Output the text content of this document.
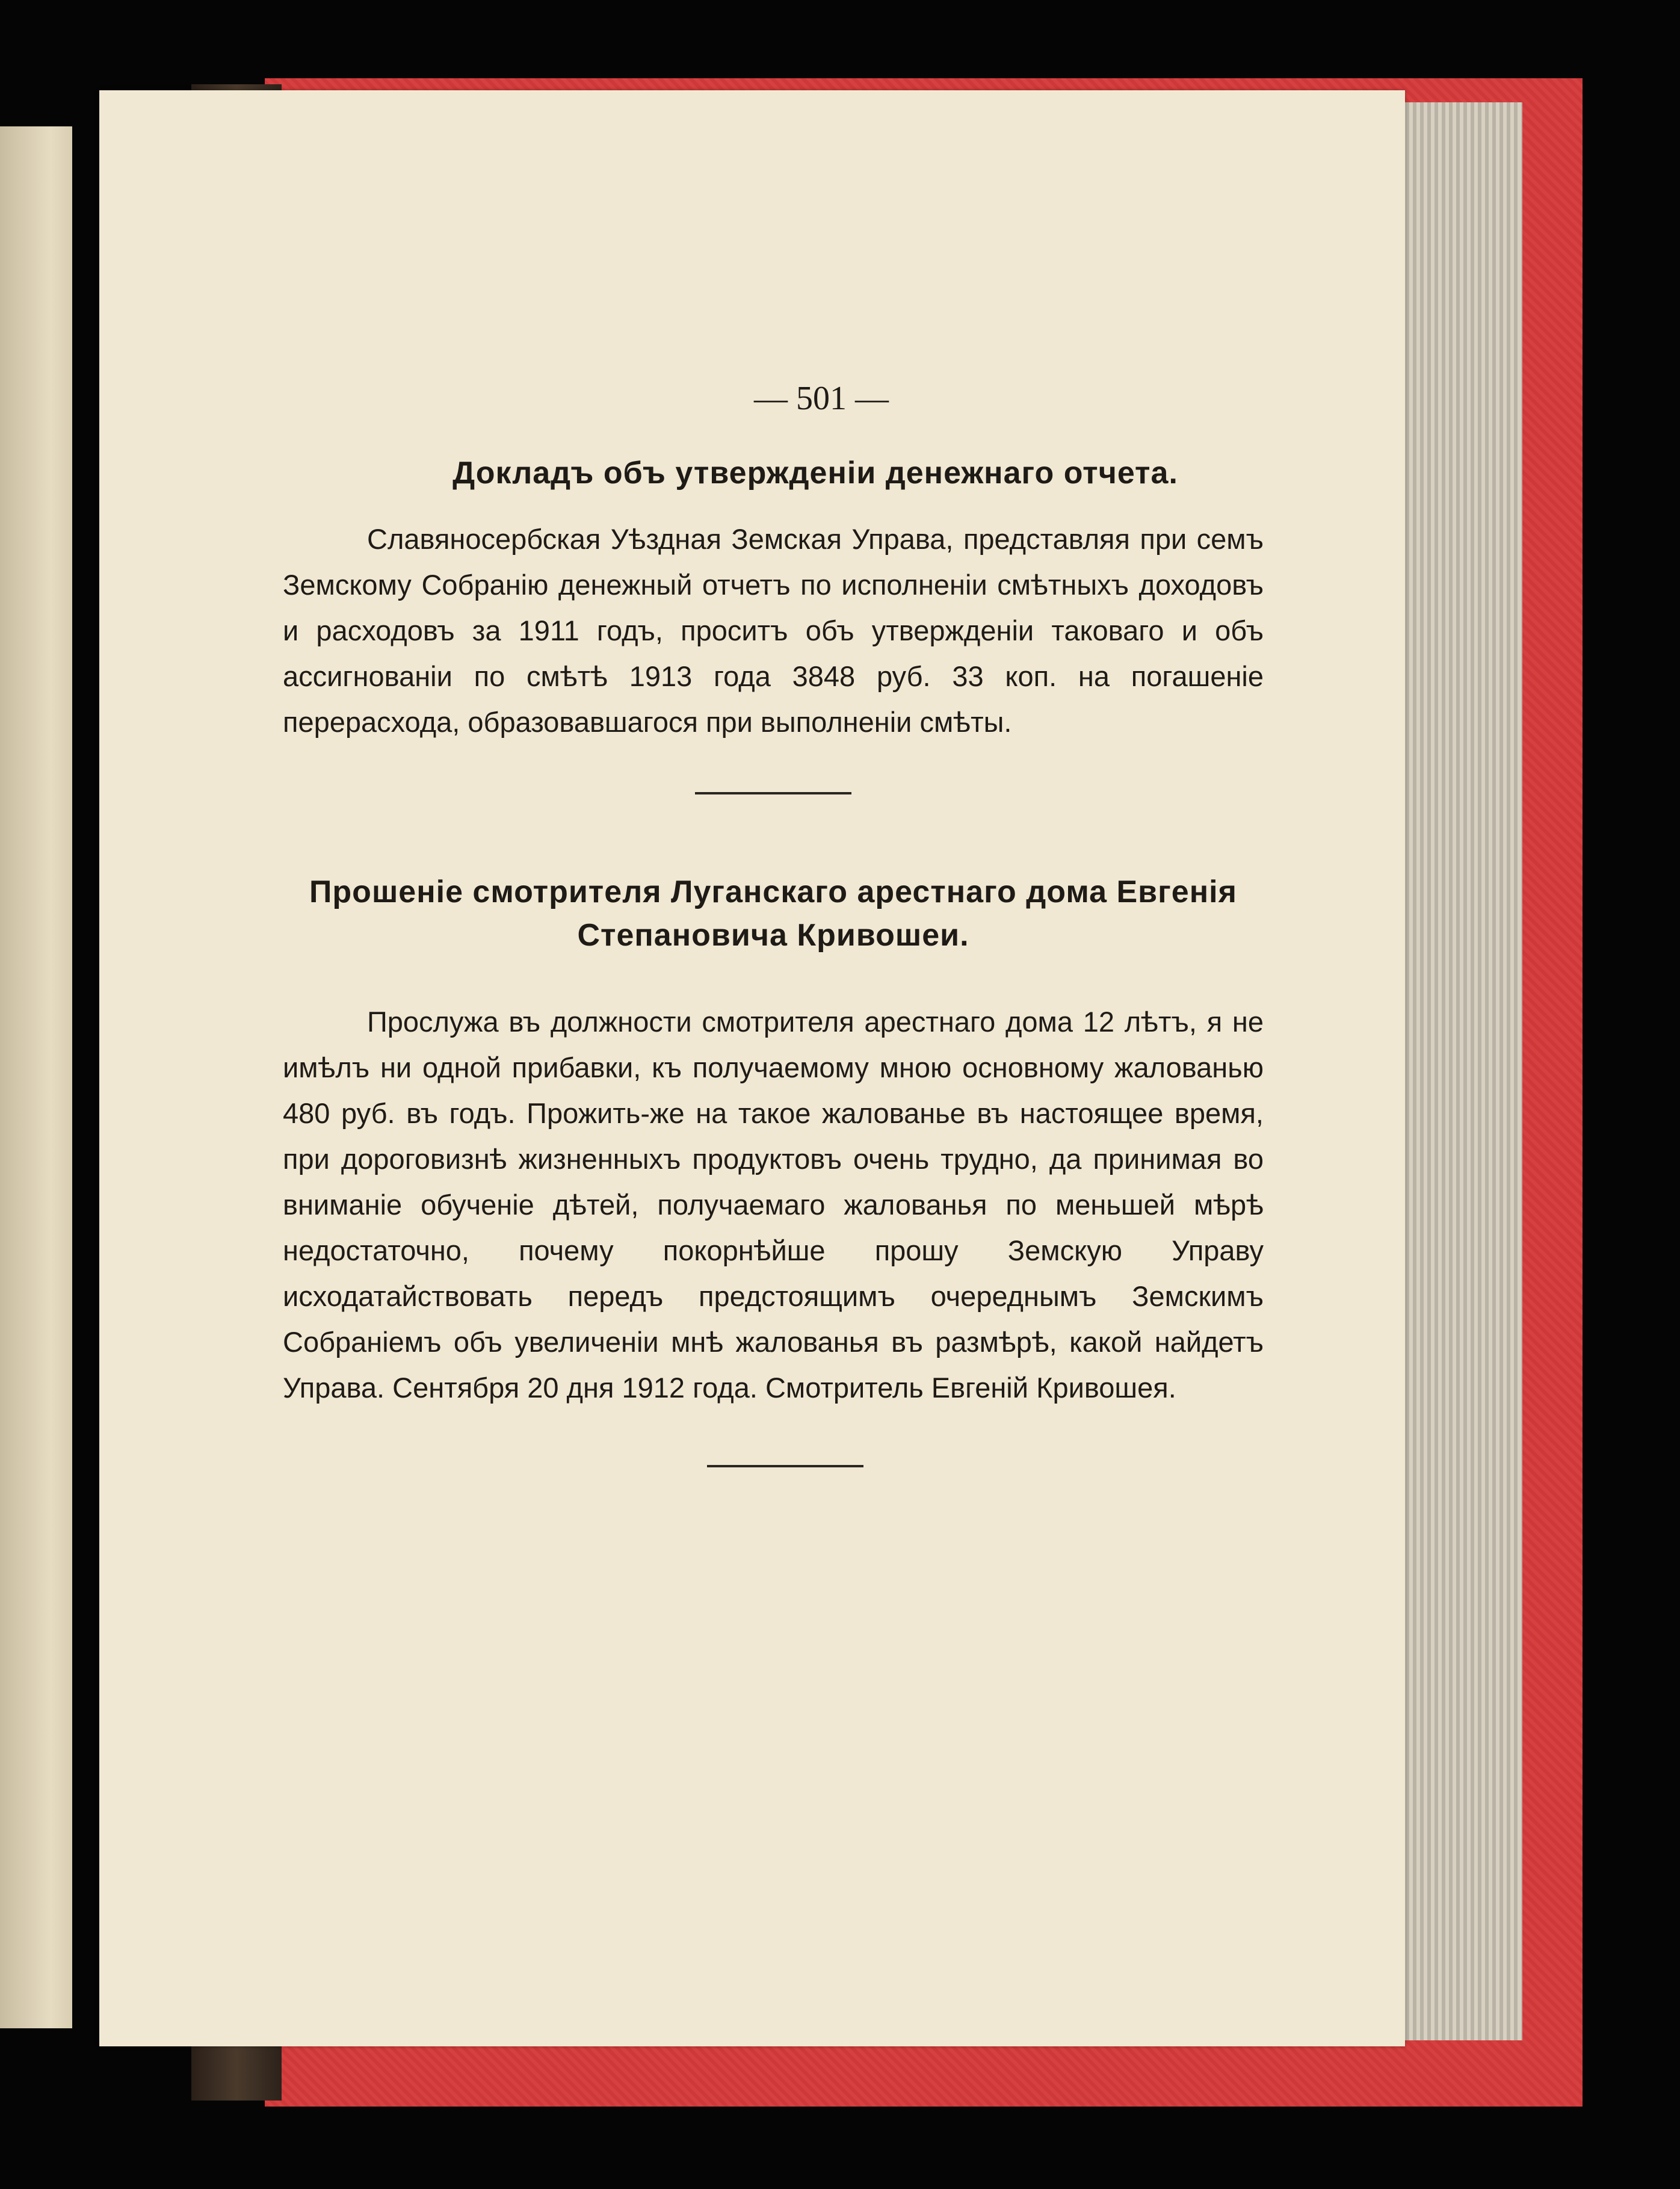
— 501 —
Докладъ объ утвержденіи денежнаго отчета.

Славяносербская Уѣздная Земская Управа, представляя при семъ Земскому Собранію денежный отчетъ по исполненіи смѣтныхъ доходовъ и расходовъ за 1911 годъ, проситъ объ утвержденіи таковаго и объ ассигнованіи по смѣтѣ 1913 года 3848 руб. 33 коп. на погашеніе перерасхода, образовавшагося при выполненіи смѣты.

Прошеніе смотрителя Луганскаго арестнаго дома Евгенія Степановича Кривошеи.

Прослужа въ должности смотрителя арестнаго дома 12 лѣтъ, я не имѣлъ ни одной прибавки, къ получаемому мною основному жалованью 480 руб. въ годъ. Прожить-же на такое жалованье въ настоящее время, при дороговизнѣ жизненныхъ продуктовъ очень трудно, да принимая во вниманіе обученіе дѣтей, получаемаго жалованья по меньшей мѣрѣ недостаточно, почему покорнѣйше прошу Земскую Управу исходатайствовать передъ предстоящимъ очереднымъ Земскимъ Собраніемъ объ увеличеніи мнѣ жалованья въ размѣрѣ, какой найдетъ Управа. Сентября 20 дня 1912 года. Смотритель Евгеній Кривошея.
